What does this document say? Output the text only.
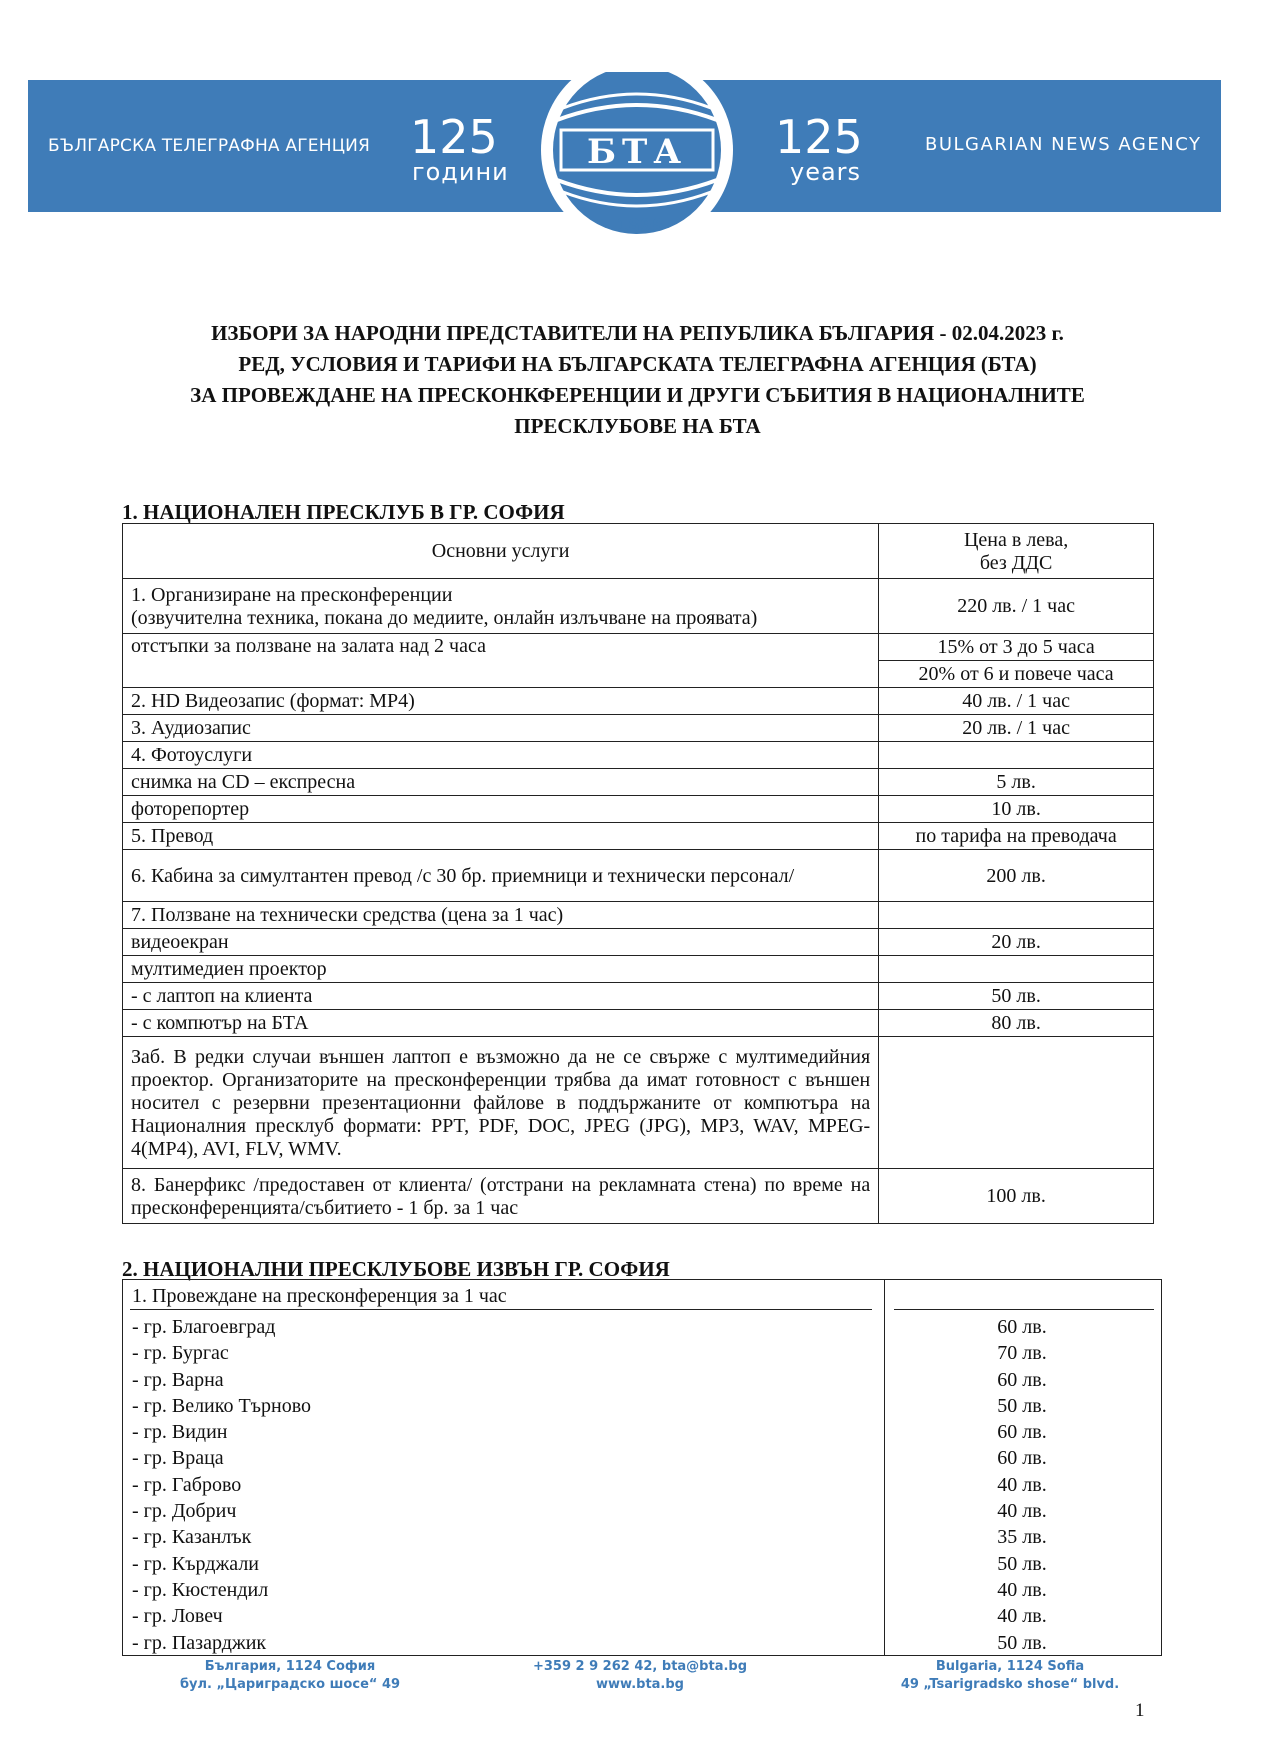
БЪЛГАРСКА ТЕЛЕГРАФНА АГЕНЦИЯ 125
години
125
years
BULGARIAN NEWS AGENCY
БТА
1898
ИЗБОРИ ЗА НАРОДНИ ПРЕДСТАВИТЕЛИ НА РЕПУБЛИКА БЪЛГАРИЯ - 02.04.2023 г.
РЕД, УСЛОВИЯ И ТАРИФИ НА БЪЛГАРСКАТА ТЕЛЕГРАФНА АГЕНЦИЯ (БТА)
ЗА ПРОВЕЖДАНЕ НА ПРЕСКОНКФЕРЕНЦИИ И ДРУГИ СЪБИТИЯ В НАЦИОНАЛНИТЕ
ПРЕСКЛУБОВЕ НА БТА
1. НАЦИОНАЛЕН ПРЕСКЛУБ В ГР. СОФИЯ
Основни услуги	Цена в лева,
без ДДС

1. Организиране на пресконференции
(озвучителна техника, покана до медиите, онлайн излъчване на проявата)	220 лв. / 1 час
отстъпки за ползване на залата над 2 часа	15% от 3 до 5 часа
	20% от 6 и повече часа
2. HD Видеозапис (формат: MP4)	40 лв. / 1 час
3. Аудиозапис	20 лв. / 1 час
4. Фотоуслуги	
снимка на CD – експресна	5 лв.
фоторепортер	10 лв.
5. Превод	по тарифа на преводача
6. Кабина за симултантен превод /с 30 бр. приемници и технически персонал/	200 лв.
7. Ползване на технически средства (цена за 1 час)	
видеоекран	20 лв.
мултимедиен проектор	
- с лаптоп на клиента	50 лв.
- с компютър на БТА	80 лв.
Заб. В редки случаи външен лаптоп е възможно да не се свърже с мултимедийния проектор. Организаторите на пресконференции трябва да имат готовност с външен носител с резервни презентационни файлове в поддържаните от компютъра на Националния пресклуб формати: PPT, PDF, DOC, JPEG (JPG), MP3, WAV, MPEG-4(MP4), AVI, FLV, WMV.	
8. Банерфикс /предоставен от клиента/ (отстрани на рекламната стена) по време на пресконференцията/събитието - 1 бр. за 1 час	100 лв.
2. НАЦИОНАЛНИ ПРЕСКЛУБОВЕ ИЗВЪН ГР. СОФИЯ
1. Провеждане на пресконференция за 1 час
- гр. Благоевград	60 лв.
- гр. Бургас	70 лв.
- гр. Варна	60 лв.
- гр. Велико Търново	50 лв.
- гр. Видин	60 лв.
- гр. Враца	60 лв.
- гр. Габрово	40 лв.
- гр. Добрич	40 лв.
- гр. Казанлък	35 лв.
- гр. Кърджали	50 лв.
- гр. Кюстендил	40 лв.
- гр. Ловеч	40 лв.
- гр. Пазарджик	50 лв.
България, 1124 София
бул. „Цариградско шосе“ 49
+359 2 9 262 42, bta@bta.bg
www.bta.bg
Bulgaria, 1124 Sofia
49 „Tsarigradsko shose“ blvd.
1
